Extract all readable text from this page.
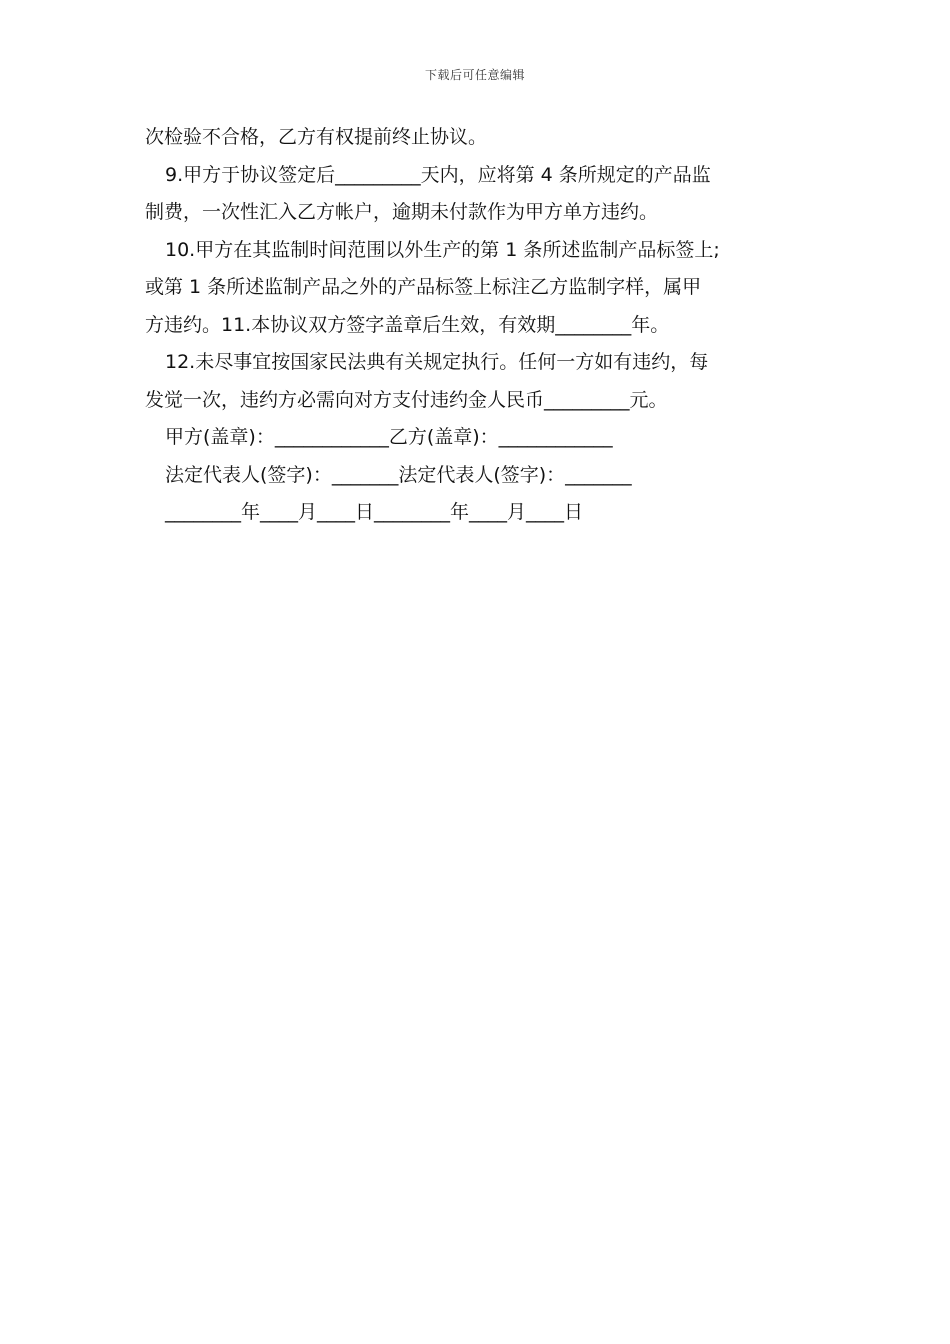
下载后可任意编辑
次检验不合格，乙方有权提前终止协议。
9.甲方于协议签定后_________天内，应将第 4 条所规定的产品监
制费，一次性汇入乙方帐户，逾期未付款作为甲方单方违约。
10.甲方在其监制时间范围以外生产的第 1 条所述监制产品标签上;
或第 1 条所述监制产品之外的产品标签上标注乙方监制字样，属甲
方违约。11.本协议双方签字盖章后生效，有效期________年。
12.未尽事宜按国家民法典有关规定执行。任何一方如有违约，每
发觉一次，违约方必需向对方支付违约金人民币_________元。
甲方(盖章)：____________乙方(盖章)：____________
法定代表人(签字)：_______法定代表人(签字)：_______
________年____月____日________年____月____日
